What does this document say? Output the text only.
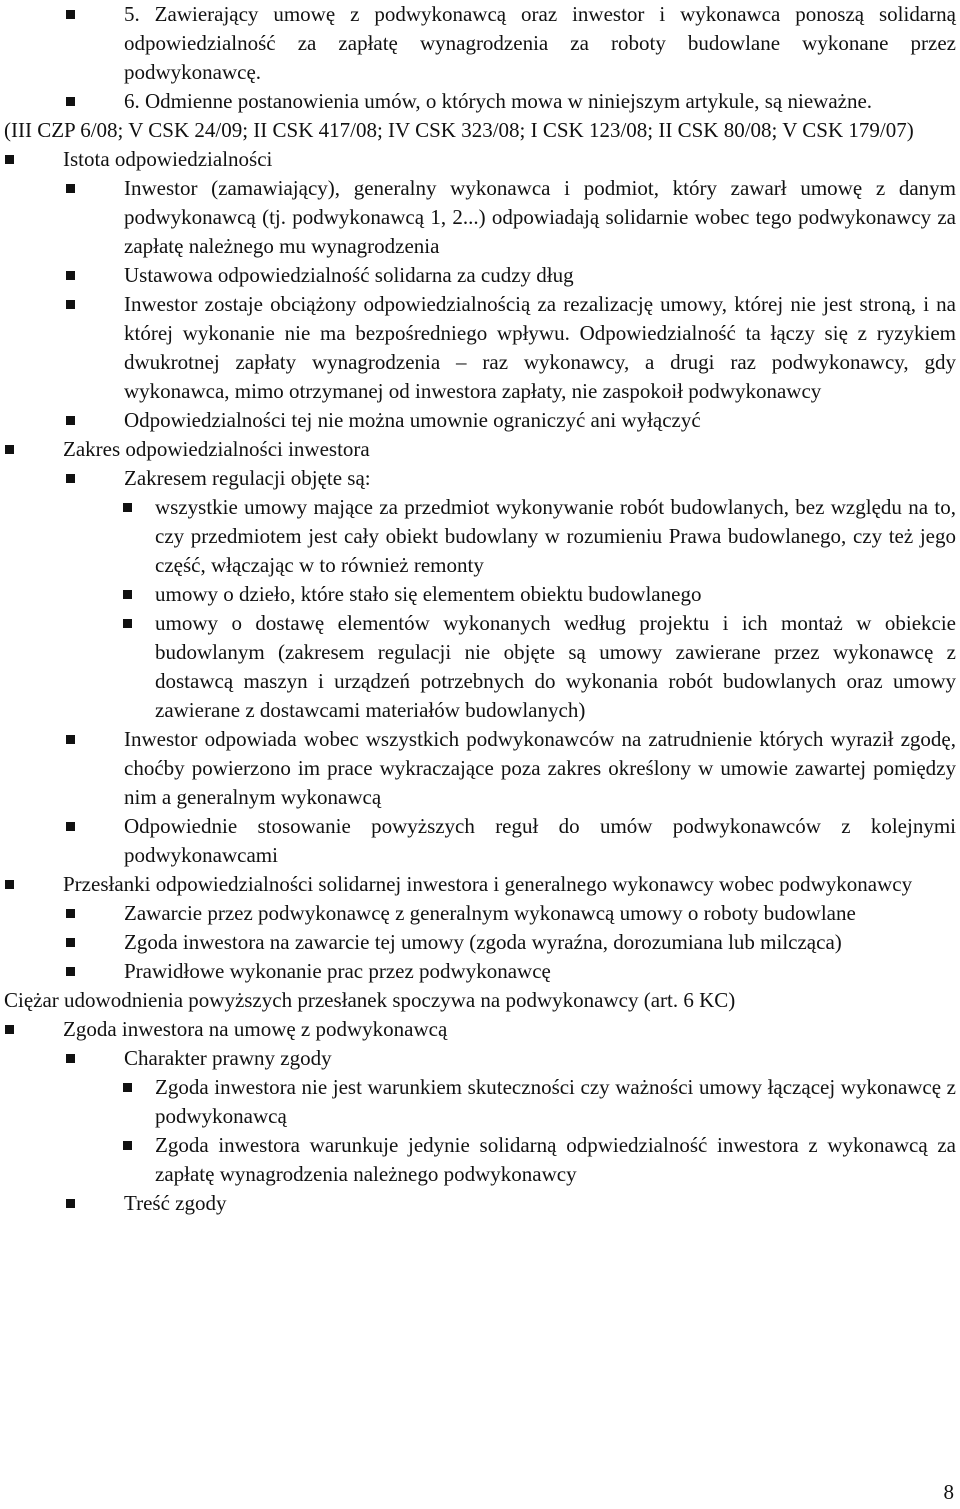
5. Zawierający umowę z podwykonawcą oraz inwestor i wykonawca ponoszą solidarną odpowiedzialność za zapłatę wynagrodzenia za roboty budowlane wykonane przez podwykonawcę.
6. Odmienne postanowienia umów, o których mowa w niniejszym artykule, są nieważne.
(III CZP 6/08; V CSK 24/09; II CSK 417/08; IV CSK 323/08; I CSK 123/08; II CSK 80/08; V CSK 179/07)
Istota odpowiedzialności
Inwestor (zamawiający), generalny wykonawca i podmiot, który zawarł umowę z danym podwykonawcą (tj. podwykonawcą 1, 2...) odpowiadają solidarnie wobec tego podwykonawcy za zapłatę należnego mu wynagrodzenia
Ustawowa odpowiedzialność solidarna za cudzy dług
Inwestor zostaje obciążony odpowiedzialnością za rezalizację umowy, której nie jest stroną, i na której wykonanie nie ma bezpośredniego wpływu. Odpowiedzialność ta łączy się z ryzykiem dwukrotnej zapłaty wynagrodzenia – raz wykonawcy, a drugi raz podwykonawcy, gdy wykonawca, mimo otrzymanej od inwestora zapłaty, nie zaspokoił podwykonawcy
Odpowiedzialności tej nie można umownie ograniczyć ani wyłączyć
Zakres odpowiedzialności inwestora
Zakresem regulacji objęte są:
wszystkie umowy mające za przedmiot wykonywanie robót budowlanych, bez względu na to, czy przedmiotem jest cały obiekt budowlany w rozumieniu Prawa budowlanego, czy też jego część, włączając w to również remonty
umowy o dzieło, które stało się elementem obiektu budowlanego
umowy o dostawę elementów wykonanych według projektu i ich montaż w obiekcie budowlanym (zakresem regulacji nie objęte są umowy zawierane przez wykonawcę z dostawcą maszyn i urządzeń potrzebnych do wykonania robót budowlanych oraz umowy zawierane z dostawcami materiałów budowlanych)
Inwestor odpowiada wobec wszystkich podwykonawców na zatrudnienie których wyraził zgodę, choćby powierzono im prace wykraczające poza zakres określony w umowie zawartej pomiędzy nim a generalnym wykonawcą
Odpowiednie stosowanie powyższych reguł do umów podwykonawców z kolejnymi podwykonawcami
Przesłanki odpowiedzialności solidarnej inwestora i generalnego wykonawcy wobec podwykonawcy
Zawarcie przez podwykonawcę z generalnym wykonawcą umowy o roboty budowlane
Zgoda inwestora na zawarcie tej umowy (zgoda wyraźna, dorozumiana lub milcząca)
Prawidłowe wykonanie prac przez podwykonawcę
Ciężar udowodnienia powyższych przesłanek spoczywa na podwykonawcy (art. 6 KC)
Zgoda inwestora na umowę z podwykonawcą
Charakter prawny zgody
Zgoda inwestora nie jest warunkiem skuteczności czy ważności umowy łączącej wykonawcę z podwykonawcą
Zgoda inwestora warunkuje jedynie solidarną odpwiedzialność inwestora z wykonawcą za zapłatę wynagrodzenia należnego podwykonawcy
Treść zgody
8
